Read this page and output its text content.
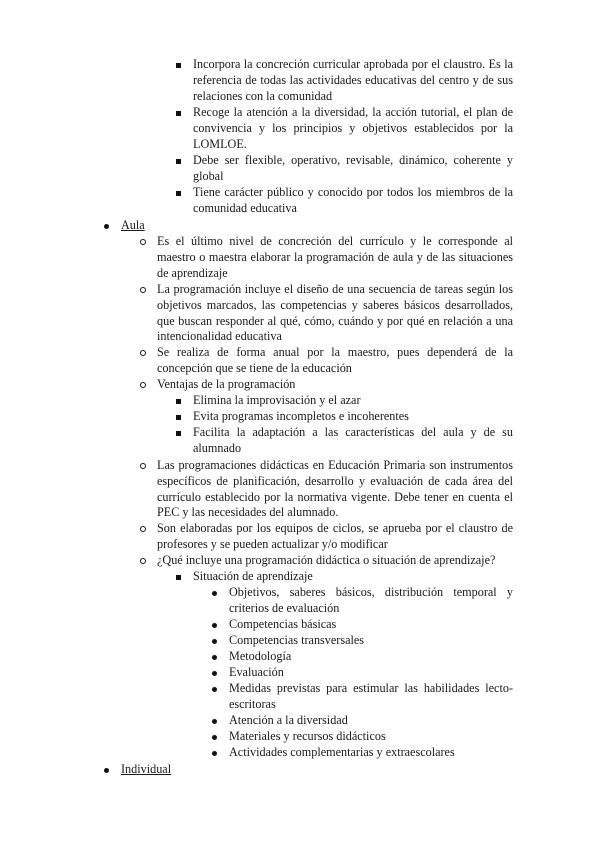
Incorpora la concreción curricular aprobada por el claustro. Es la referencia de todas las actividades educativas del centro y de sus relaciones con la comunidad
Recoge la atención a la diversidad, la acción tutorial, el plan de convivencia y los principios y objetivos establecidos por la LOMLOE.
Debe ser flexible, operativo, revisable, dinámico, coherente y global
Tiene carácter público y conocido por todos los miembros de la comunidad educativa
Aula
Es el último nivel de concreción del currículo y le corresponde al maestro o maestra elaborar la programación de aula y de las situaciones de aprendizaje
La programación incluye el diseño de una secuencia de tareas según los objetivos marcados, las competencias y saberes básicos desarrollados, que buscan responder al qué, cómo, cuándo y por qué en relación a una intencionalidad educativa
Se realiza de forma anual por la maestro, pues dependerá de la concepción que se tiene de la educación
Ventajas de la programación
Elimina la improvisación y el azar
Evita programas incompletos e incoherentes
Facilita la adaptación a las características del aula y de su alumnado
Las programaciones didácticas en Educación Primaria son instrumentos específicos de planificación, desarrollo y evaluación de cada área del currículo establecido por la normativa vigente. Debe tener en cuenta el PEC y las necesidades del alumnado.
Son elaboradas por los equipos de ciclos, se aprueba por el claustro de profesores y se pueden actualizar y/o modificar
¿Qué incluye una programación didáctica o situación de aprendizaje?
Situación de aprendizaje
Objetivos, saberes básicos, distribución temporal y criterios de evaluación
Competencias básicas
Competencias transversales
Metodología
Evaluación
Medidas previstas para estimular las habilidades lecto-escritoras
Atención a la diversidad
Materiales y recursos didácticos
Actividades complementarias y extraescolares
Individual
